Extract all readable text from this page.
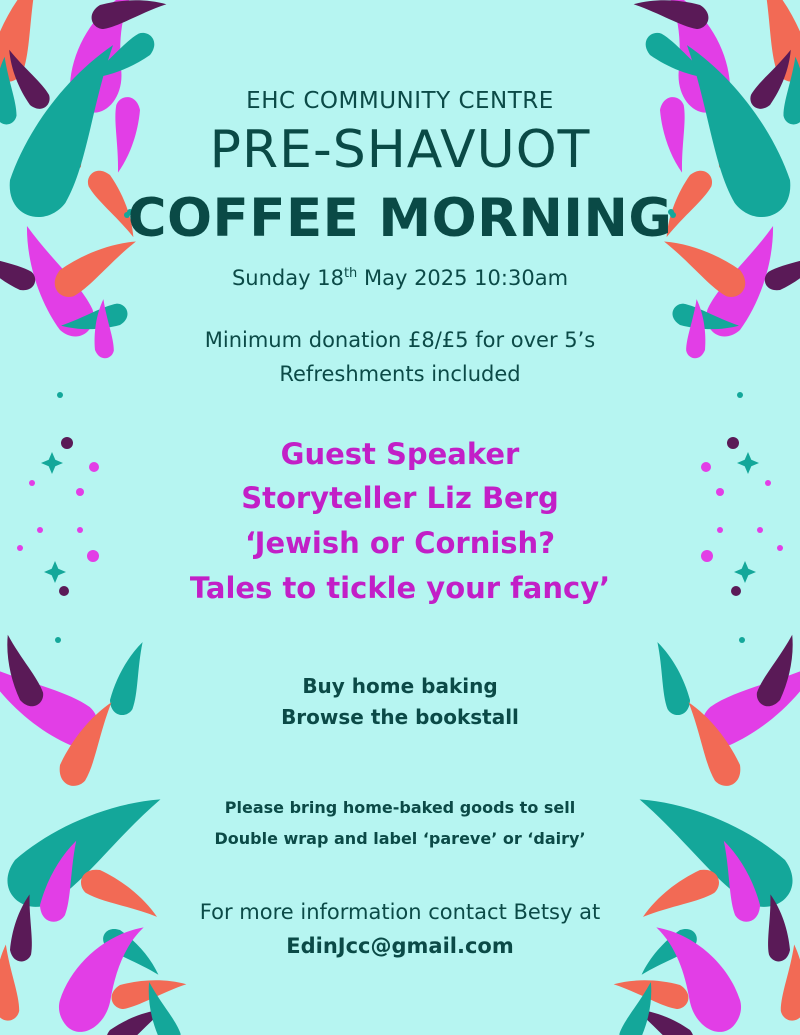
EHC COMMUNITY CENTRE
PRE-SHAVUOT
COFFEE MORNING
Sunday 18th May 2025 10:30am
Minimum donation £8/£5 for over 5’s
Refreshments included
Guest Speaker
Storyteller Liz Berg
‘Jewish or Cornish?
Tales to tickle your fancy’
Buy home baking
Browse the bookstall
Please bring home-baked goods to sell
Double wrap and label ‘pareve’ or ‘dairy’
For more information contact Betsy at
EdinJcc@gmail.com
